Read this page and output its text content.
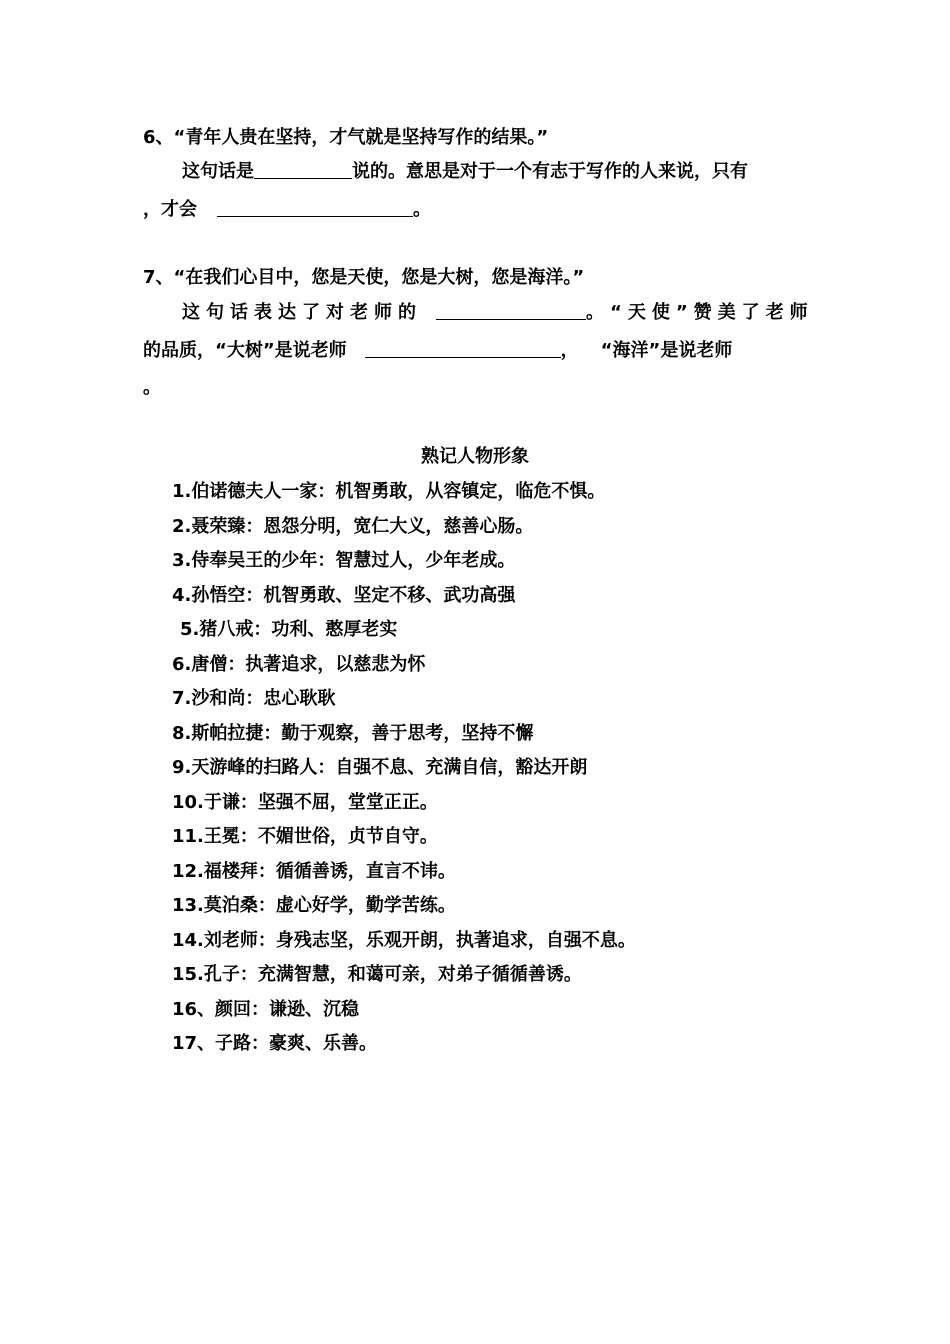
6、“青年人贵在坚持，才气就是坚持写作的结果。”
这句话是	说的。意思是对于一个有志于写作的人来说，只有
，才会	。
7、“在我们心目中，您是天使，您是大树，您是海洋。”
这句话表达了对老师的	。“天使”赞美了老师
的品质，“大树”是说老师	， “海洋”是说老师
。
熟记人物形象
1.伯诺德夫人一家：机智勇敢，从容镇定，临危不惧。
2.聂荣臻：恩怨分明，宽仁大义，慈善心肠。
3.侍奉吴王的少年：智慧过人，少年老成。
4.孙悟空：机智勇敢、坚定不移、武功高强
5.猪八戒：功利、憨厚老实
6.唐僧：执著追求，以慈悲为怀
7.沙和尚：忠心耿耿
8.斯帕拉捷：勤于观察，善于思考，坚持不懈
9.天游峰的扫路人：自强不息、充满自信，豁达开朗
10.于谦：坚强不屈，堂堂正正。
11.王冕：不媚世俗，贞节自守。
12.福楼拜：循循善诱，直言不讳。
13.莫泊桑：虚心好学，勤学苦练。
14.刘老师：身残志坚，乐观开朗，执著追求，自强不息。
15.孔子：充满智慧，和蔼可亲，对弟子循循善诱。
16、颜回：谦逊、沉稳
17、子路：豪爽、乐善。
